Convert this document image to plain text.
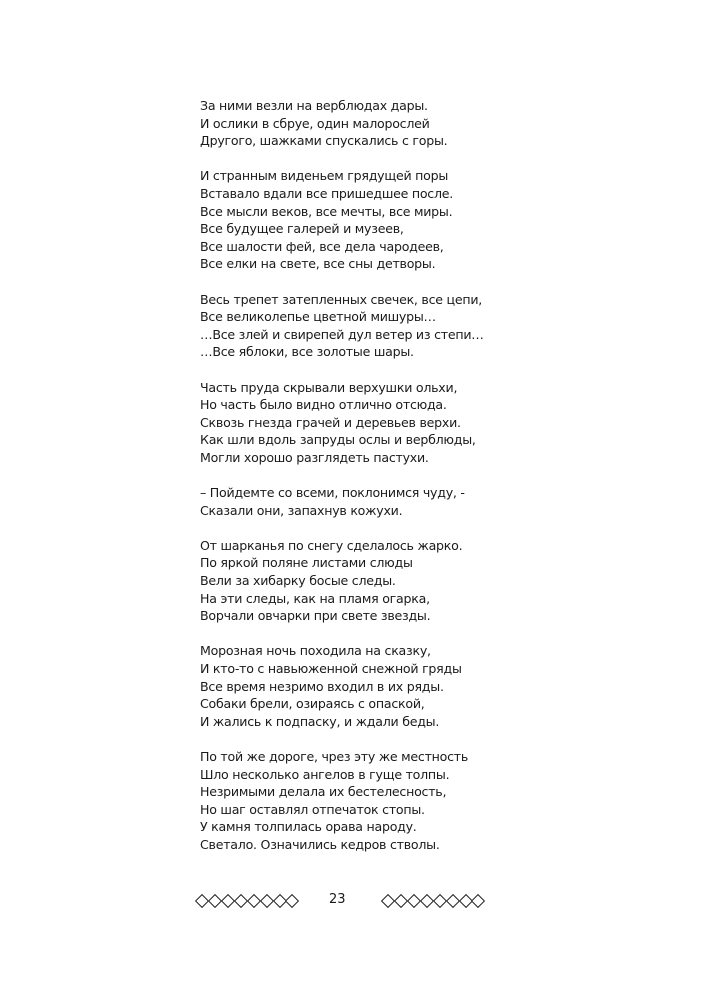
За ними везли на верблюдах дары.
И ослики в сбруе, один малорослей
Другого, шажками спускались с горы.
И странным виденьем грядущей поры
Вставало вдали все пришедшее после.
Все мысли веков, все мечты, все миры.
Все будущее галерей и музеев,
Все шалости фей, все дела чародеев,
Все елки на свете, все сны детворы.
Весь трепет затепленных свечек, все цепи,
Все великолепье цветной мишуры…
…Все злей и свирепей дул ветер из степи…
…Все яблоки, все золотые шары.
Часть пруда скрывали верхушки ольхи,
Но часть было видно отлично отсюда.
Сквозь гнезда грачей и деревьев верхи.
Как шли вдоль запруды ослы и верблюды,
Могли хорошо разглядеть пастухи.
– Пойдемте со всеми, поклонимся чуду, -
Сказали они, запахнув кожухи.
От шарканья по снегу сделалось жарко.
По яркой поляне листами слюды
Вели за хибарку босые следы.
На эти следы, как на пламя огарка,
Ворчали овчарки при свете звезды.
Морозная ночь походила на сказку,
И кто-то с навьюженной снежной гряды
Все время незримо входил в их ряды.
Собаки брели, озираясь с опаской,
И жались к подпаску, и ждали беды.
По той же дороге, чрез эту же местность
Шло несколько ангелов в гуще толпы.
Незримыми делала их бестелесность,
Но шаг оставлял отпечаток стопы.
У камня толпилась орава народу.
Светало. Означились кедров стволы.
23
